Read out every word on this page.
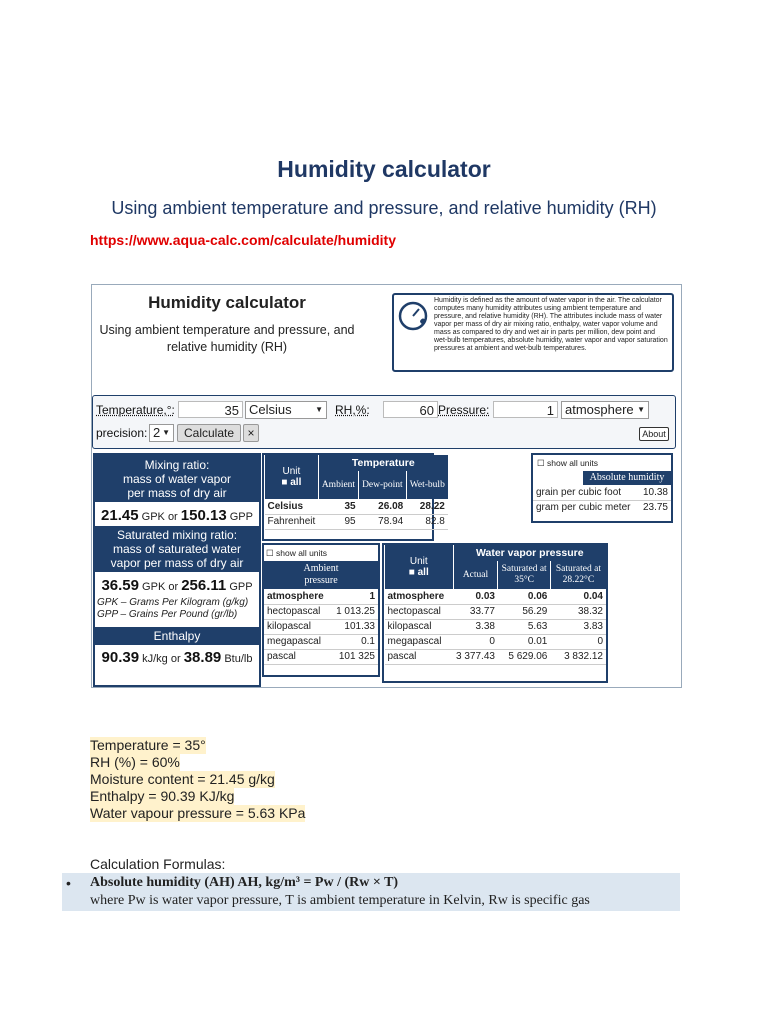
Humidity calculator
Using ambient temperature and pressure, and relative humidity (RH)
https://www.aqua-calc.com/calculate/humidity
Humidity calculator
Using ambient temperature and pressure, and
relative humidity (RH)
Humidity is defined as the amount of water vapor in the air. The calculator computes many humidity attributes using ambient temperature and pressure, and relative humidity (RH). The attributes include mass of water vapor per mass of dry air mixing ratio, enthalpy, water vapor volume and mass as compared to dry and wet air in parts per million, dew point and wet-bulb temperatures, absolute humidity, water vapor and vapor saturation pressures at ambient and wet-bulb temperatures.
Temperature,°:	35 Celsius	▼ RH,%:	60 Pressure:	1 atmosphere ▼
precision: 2 ▼	Calculate	×	About
Mixing ratio:
mass of water vapor
per mass of dry air
21.45 GPK or 150.13 GPP
Saturated mixing ratio:
mass of saturated water
vapor per mass of dry air
36.59 GPK or 256.11 GPP
GPK – Grams Per Kilogram (g/kg)
GPP – Grains Per Pound (gr/lb)
Enthalpy
90.39 kJ/kg or 38.89 Btu/lb
Unit
■ all	Temperature		
	Ambient	Dew-point	Wet-bulb
Celsius	35	26.08	28.22
Fahrenheit	95	78.94	82.8
☐ show all units
Ambient
pressure
atmosphere	1
hectopascal	1 013.25
kilopascal	101.33
megapascal	0.1
pascal	101 325
☐ show all units
Absolute humidity
grain per cubic foot	10.38
gram per cubic meter	23.75
Unit
■ all	Water vapor pressure		
	Actual	Saturated at 35°C	Saturated at 28.22°C
atmosphere	0.03	0.06	0.04
hectopascal	33.77	56.29	38.32
kilopascal	3.38	5.63	3.83
megapascal	0	0.01	0
pascal	3 377.43	5 629.06	3 832.12
Temperature = 35°
RH (%) = 60%
Moisture content = 21.45 g/kg
Enthalpy = 90.39 KJ/kg
Water vapour pressure = 5.63 KPa
Calculation Formulas:
• Absolute humidity (AH) AH, kg/m³ = Pw / (Rw × T)
where Pw is water vapor pressure, T is ambient temperature in Kelvin, Rw is specific gas
